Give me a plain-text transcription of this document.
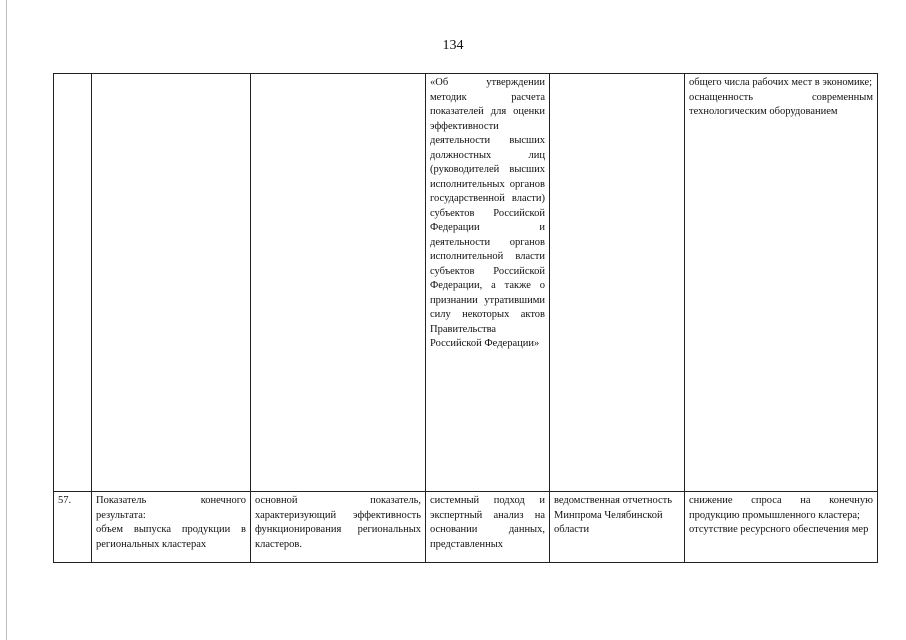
134
			«Об утверждении методик расчета показателей для оценки эффективности деятельности высших должностных лиц (руководителей высших исполнительных органов государственной власти) субъектов Российской Федерации и деятельности органов исполнительной власти субъектов Российской Федерации, а также о признании утратившими силу некоторых актов Правительства Российской Федерации»		общего числа рабочих мест в экономике;
оснащенность современным технологическим оборудованием
57.	Показатель конечного результата:
объем выпуска продукции в региональных кластерах	основной показатель, характеризующий эффективность функционирования региональных кластеров.	системный подход и экспертный анализ на основании данных, представленных	ведомственная отчетность Минпрома Челябинской области	снижение спроса на конечную продукцию промышленного кластера;
отсутствие ресурсного обеспечения мер
